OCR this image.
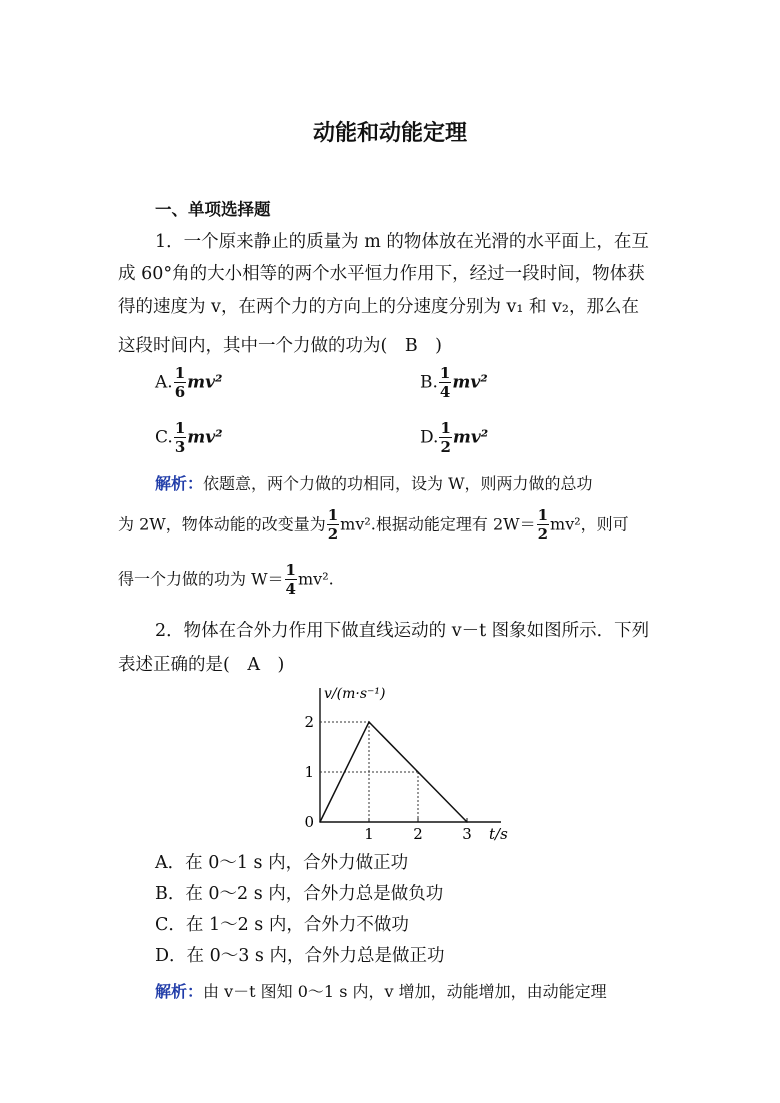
动能和动能定理
一、单项选择题
1．一个原来静止的质量为 m 的物体放在光滑的水平面上，在互
成 60°角的大小相等的两个水平恒力作用下，经过一段时间，物体获
得的速度为 v，在两个力的方向上的分速度分别为 v₁ 和 v₂，那么在
这段时间内，其中一个力做的功为(　B　)
A. $\frac{1}{6} mv^2$	B. $\frac{1}{4} mv^2$
C. $\frac{1}{3} mv^2$	D. $\frac{1}{2} mv^2$
解析：依题意，两个力做的功相同，设为 W，则两力做的总功
为 2W，物体动能的改变量为 $\frac{1}{2} mv^2$.根据动能定理有 $2W= \frac{1}{2} mv^2$，则可
得一个力做的功为 $W= \frac{1}{4} mv^2$.
2．物体在合外力作用下做直线运动的 v－t 图象如图所示．下列
表述正确的是(　A　)
1	2	3
1
2
0
v/(m·s⁻¹)
t/s
A．在 0～1 s 内，合外力做正功
B．在 0～2 s 内，合外力总是做负功
C．在 1～2 s 内，合外力不做功
D．在 0～3 s 内，合外力总是做正功
解析：由 v－t 图知 0～1 s 内，v 增加，动能增加，由动能定理
